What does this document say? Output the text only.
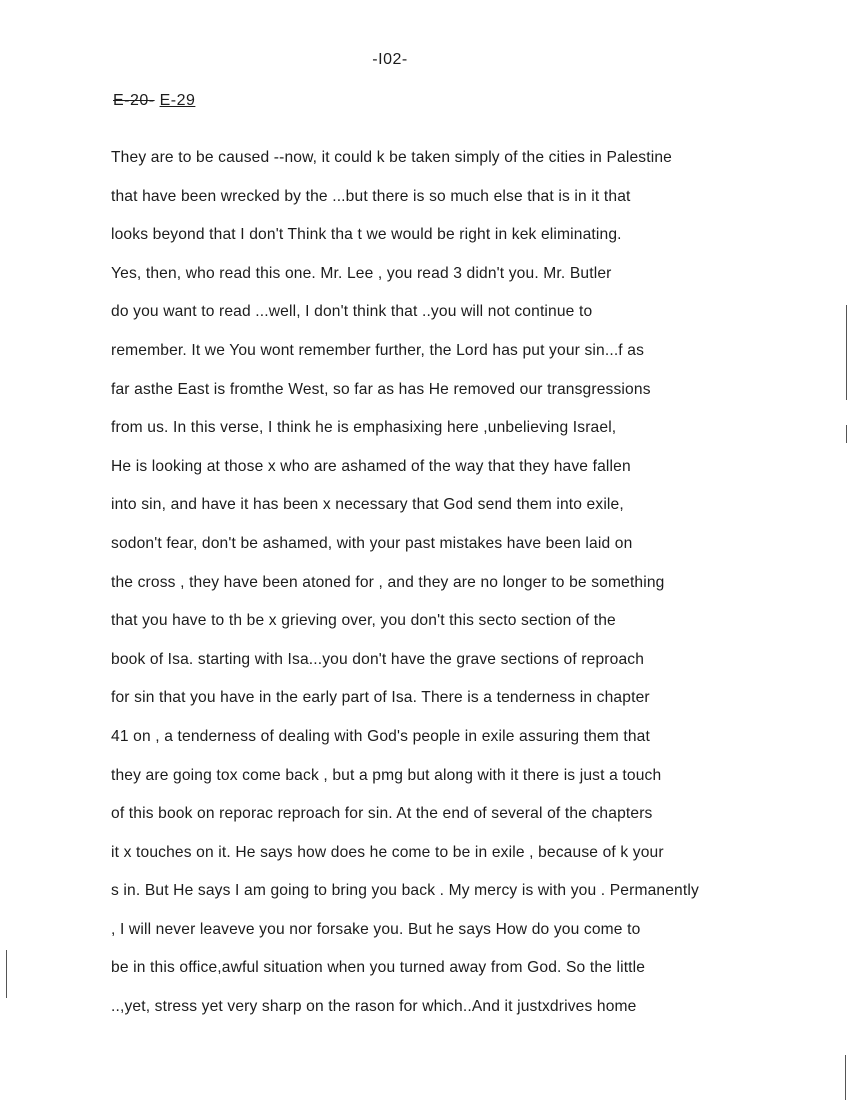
-I02-
E-20- E-29
They are to be caused --now, it could k be taken simply of the cities in Palestine
that have been wrecked by the ...but there is so much else that is in it that
looks beyond that I don't Think tha t we would be right in kek eliminating.
Yes, then, who read this one. Mr. Lee , you read 3 didn't you. Mr. Butler
do you want to read ...well, I don't think that ..you will not continue to
remember. It we You wont remember further, the Lord has put your sin...f as
far asthe East is fromthe West, so far as has He removed our transgressions
from us. In this verse, I think he is emphasixing here ,unbelieving Israel,
He is looking at those x who are ashamed of the way that they have fallen
into sin, and have it has been x necessary that God send them into exile,
sodon't fear, don't be ashamed, with your past mistakes have been laid on
the cross , they have been atoned for , and they are no longer to be something
that you have to th be x grieving over, you don't this secto section of the
book of Isa. starting with Isa...you don't have the grave sections of reproach
for sin that you have in the early part of Isa. There is a tenderness in chapter
41 on , a tenderness of dealing with God's people in exile assuring them that
they are going tox come back , but a pmg but along with it there is just a touch
of this book on reporac reproach for sin. At the end of several of the chapters
it x touches on it. He says how does he come to be in exile , because of k your
s in. But He says I am going to bring you back . My mercy is with you . Permanently
, I will never leaveve you nor forsake you. But he says How do you come to
be in this office,awful situation when you turned away from God. So the little
..,yet, stress yet very sharp on the rason for which..And it justxdrives home
